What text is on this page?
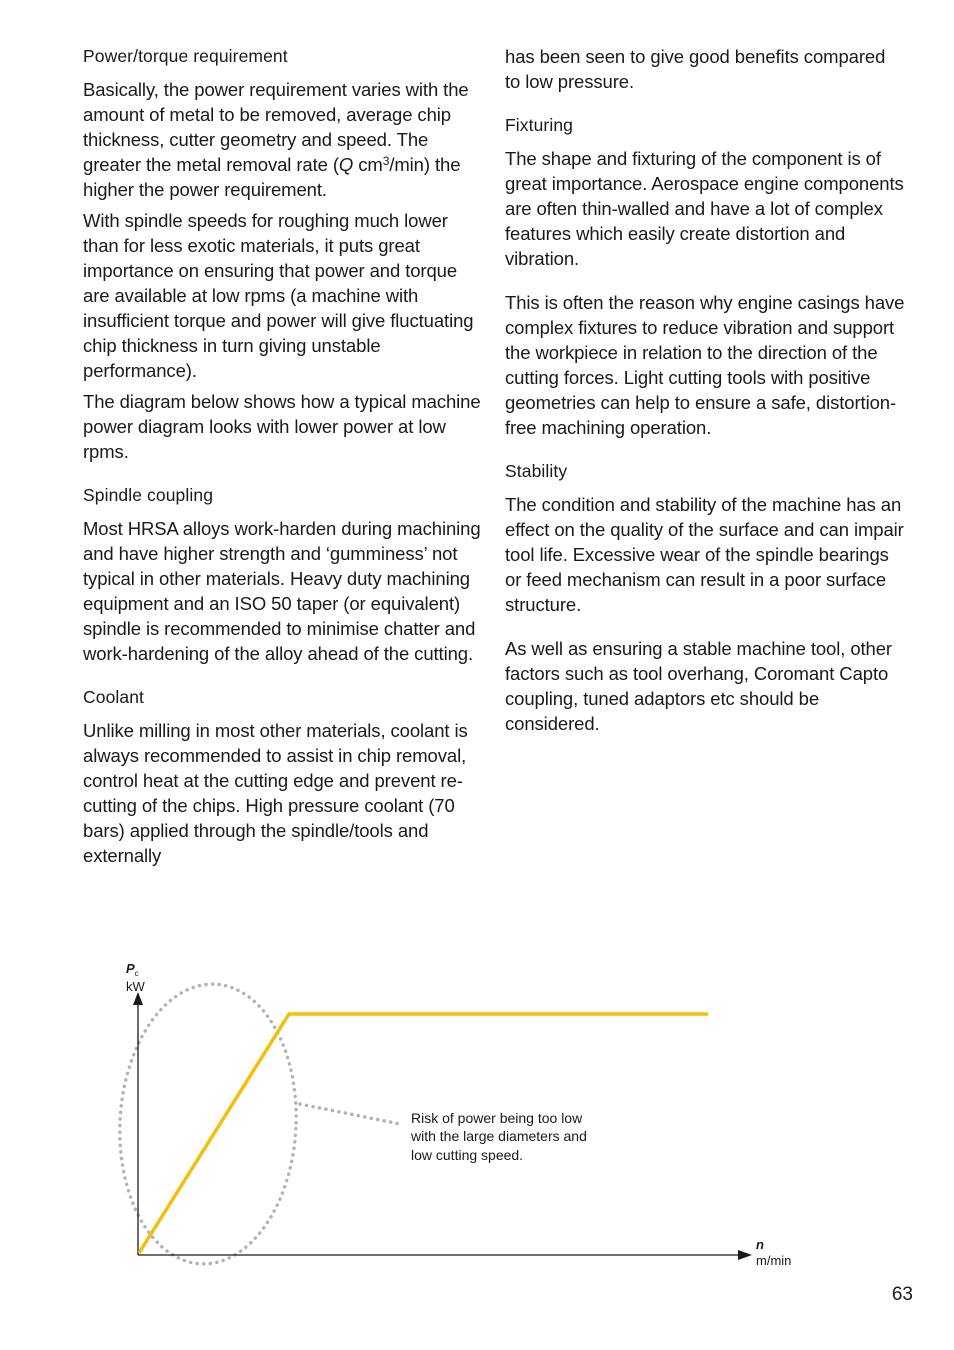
Power/torque requirement

Basically, the power requirement varies with the amount of metal to be removed, average chip thickness, cutter geometry and speed. The greater the metal removal rate (Q $cm^3/\min$) the higher the power requirement.

With spindle speeds for roughing much lower than for less exotic materials, it puts great importance on ensuring that power and torque are available at low rpms (a machine with insufficient torque and power will give fluctuating chip thickness in turn giving unstable performance).

The diagram below shows how a typical machine power diagram looks with lower power at low rpms.

Spindle coupling

Most HRSA alloys work-harden during machining and have higher strength and ‘gumminess’ not typical in other materials. Heavy duty machining equipment and an ISO 50 taper (or equivalent) spindle is recommended to minimise chatter and work-hardening of the alloy ahead of the cutting.

Coolant

Unlike milling in most other materials, coolant is always recommended to assist in chip removal, control heat at the cutting edge and prevent re-cutting of the chips. High pressure coolant (70 bars) applied through the spindle/tools and externally

has been seen to give good benefits compared to low pressure.

Fixturing

The shape and fixturing of the component is of great importance. Aerospace engine components are often thin-walled and have a lot of complex features which easily create distortion and vibration.

This is often the reason why engine casings have complex fixtures to reduce vibration and support the workpiece in relation to the direction of the cutting forces. Light cutting tools with positive geometries can help to ensure a safe, distortion-free machining operation.

Stability

The condition and stability of the machine has an effect on the quality of the surface and can impair tool life. Excessive wear of the spindle bearings or feed mechanism can result in a poor surface structure.

As well as ensuring a stable machine tool, other factors such as tool overhang, Coromant Capto coupling, tuned adaptors etc should be considered.

$P_c$
kW
n
m/min
Risk of power being too low
with the large diameters and
low cutting speed.
63
